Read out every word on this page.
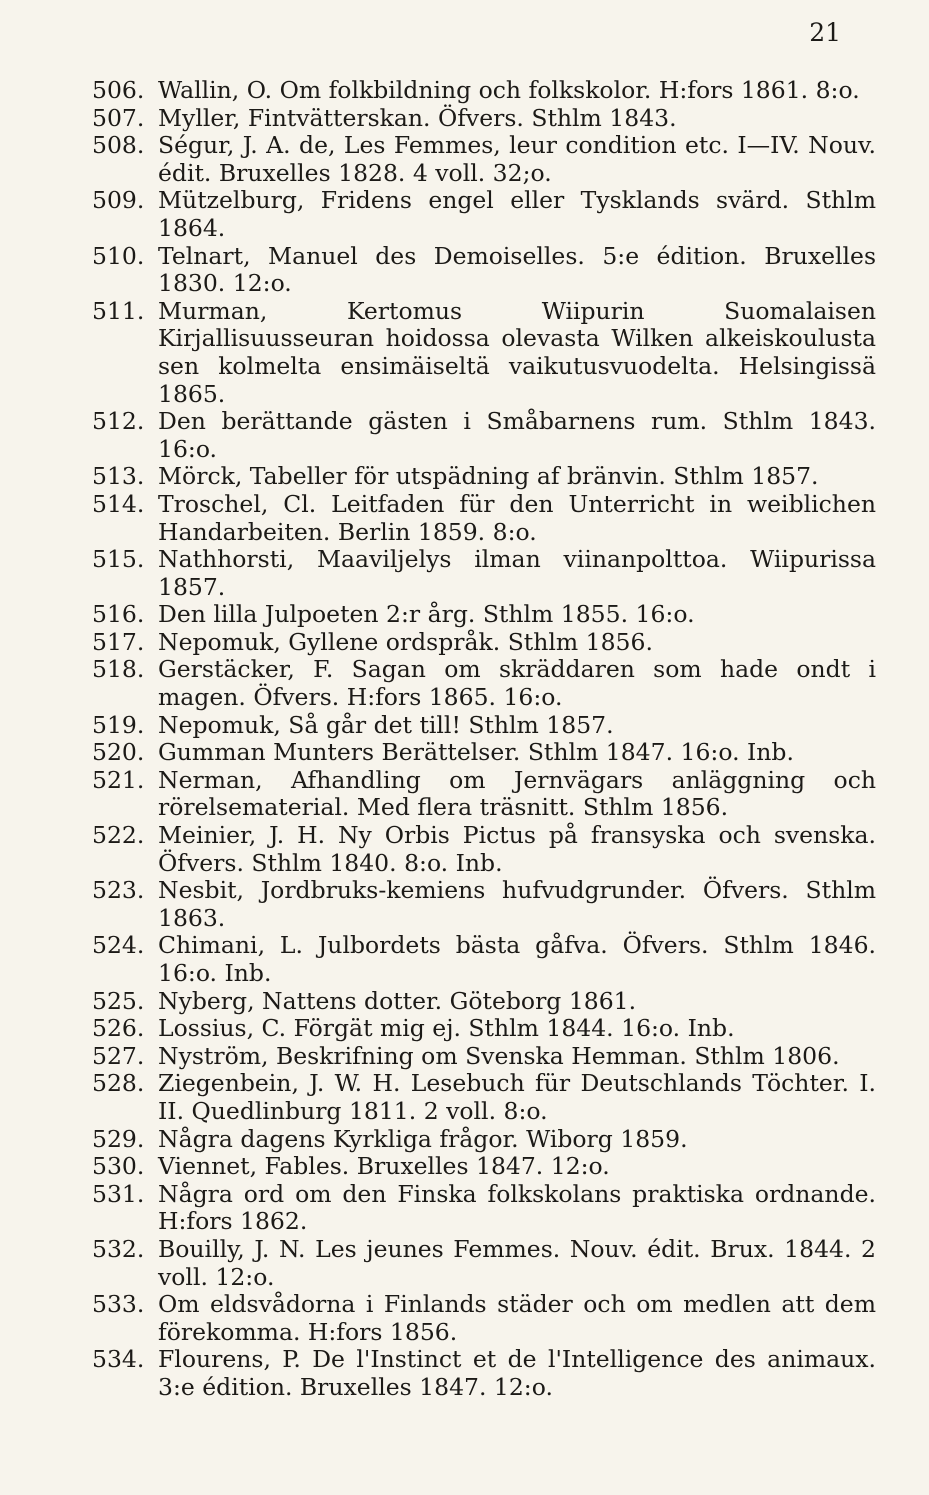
21
506. Wallin, O. Om folkbildning och folkskolor. H:fors 1861. 8:o.
507. Myller, Fintvätterskan. Öfvers. Sthlm 1843.
508. Ségur, J. A. de, Les Femmes, leur condition etc. I—IV. Nouv. édit. Bruxelles 1828. 4 voll. 32;o.
509. Mützelburg, Fridens engel eller Tysklands svärd. Sthlm 1864.
510. Telnart, Manuel des Demoiselles. 5:e édition. Bruxelles 1830. 12:o.
511. Murman, Kertomus Wiipurin Suomalaisen Kirjallisuusseuran hoidossa olevasta Wilken alkeiskoulusta sen kolmelta ensimäiseltä vaikutusvuodelta. Helsingissä 1865.
512. Den berättande gästen i Småbarnens rum. Sthlm 1843. 16:o.
513. Mörck, Tabeller för utspädning af bränvin. Sthlm 1857.
514. Troschel, Cl. Leitfaden für den Unterricht in weiblichen Handarbeiten. Berlin 1859. 8:o.
515. Nathhorsti, Maaviljelys ilman viinanpolttoa. Wiipurissa 1857.
516. Den lilla Julpoeten 2:r årg. Sthlm 1855. 16:o.
517. Nepomuk, Gyllene ordspråk. Sthlm 1856.
518. Gerstäcker, F. Sagan om skräddaren som hade ondt i magen. Öfvers. H:fors 1865. 16:o.
519. Nepomuk, Så går det till! Sthlm 1857.
520. Gumman Munters Berättelser. Sthlm 1847. 16:o. Inb.
521. Nerman, Afhandling om Jernvägars anläggning och rörelsematerial. Med flera träsnitt. Sthlm 1856.
522. Meinier, J. H. Ny Orbis Pictus på fransyska och svenska. Öfvers. Sthlm 1840. 8:o. Inb.
523. Nesbit, Jordbruks-kemiens hufvudgrunder. Öfvers. Sthlm 1863.
524. Chimani, L. Julbordets bästa gåfva. Öfvers. Sthlm 1846. 16:o. Inb.
525. Nyberg, Nattens dotter. Göteborg 1861.
526. Lossius, C. Förgät mig ej. Sthlm 1844. 16:o. Inb.
527. Nyström, Beskrifning om Svenska Hemman. Sthlm 1806.
528. Ziegenbein, J. W. H. Lesebuch für Deutschlands Töchter. I. II. Quedlinburg 1811. 2 voll. 8:o.
529. Några dagens Kyrkliga frågor. Wiborg 1859.
530. Viennet, Fables. Bruxelles 1847. 12:o.
531. Några ord om den Finska folkskolans praktiska ordnande. H:fors 1862.
532. Bouilly, J. N. Les jeunes Femmes. Nouv. édit. Brux. 1844. 2 voll. 12:o.
533. Om eldsvådorna i Finlands städer och om medlen att dem förekomma. H:fors 1856.
534. Flourens, P. De l'Instinct et de l'Intelligence des animaux. 3:e édition. Bruxelles 1847. 12:o.
